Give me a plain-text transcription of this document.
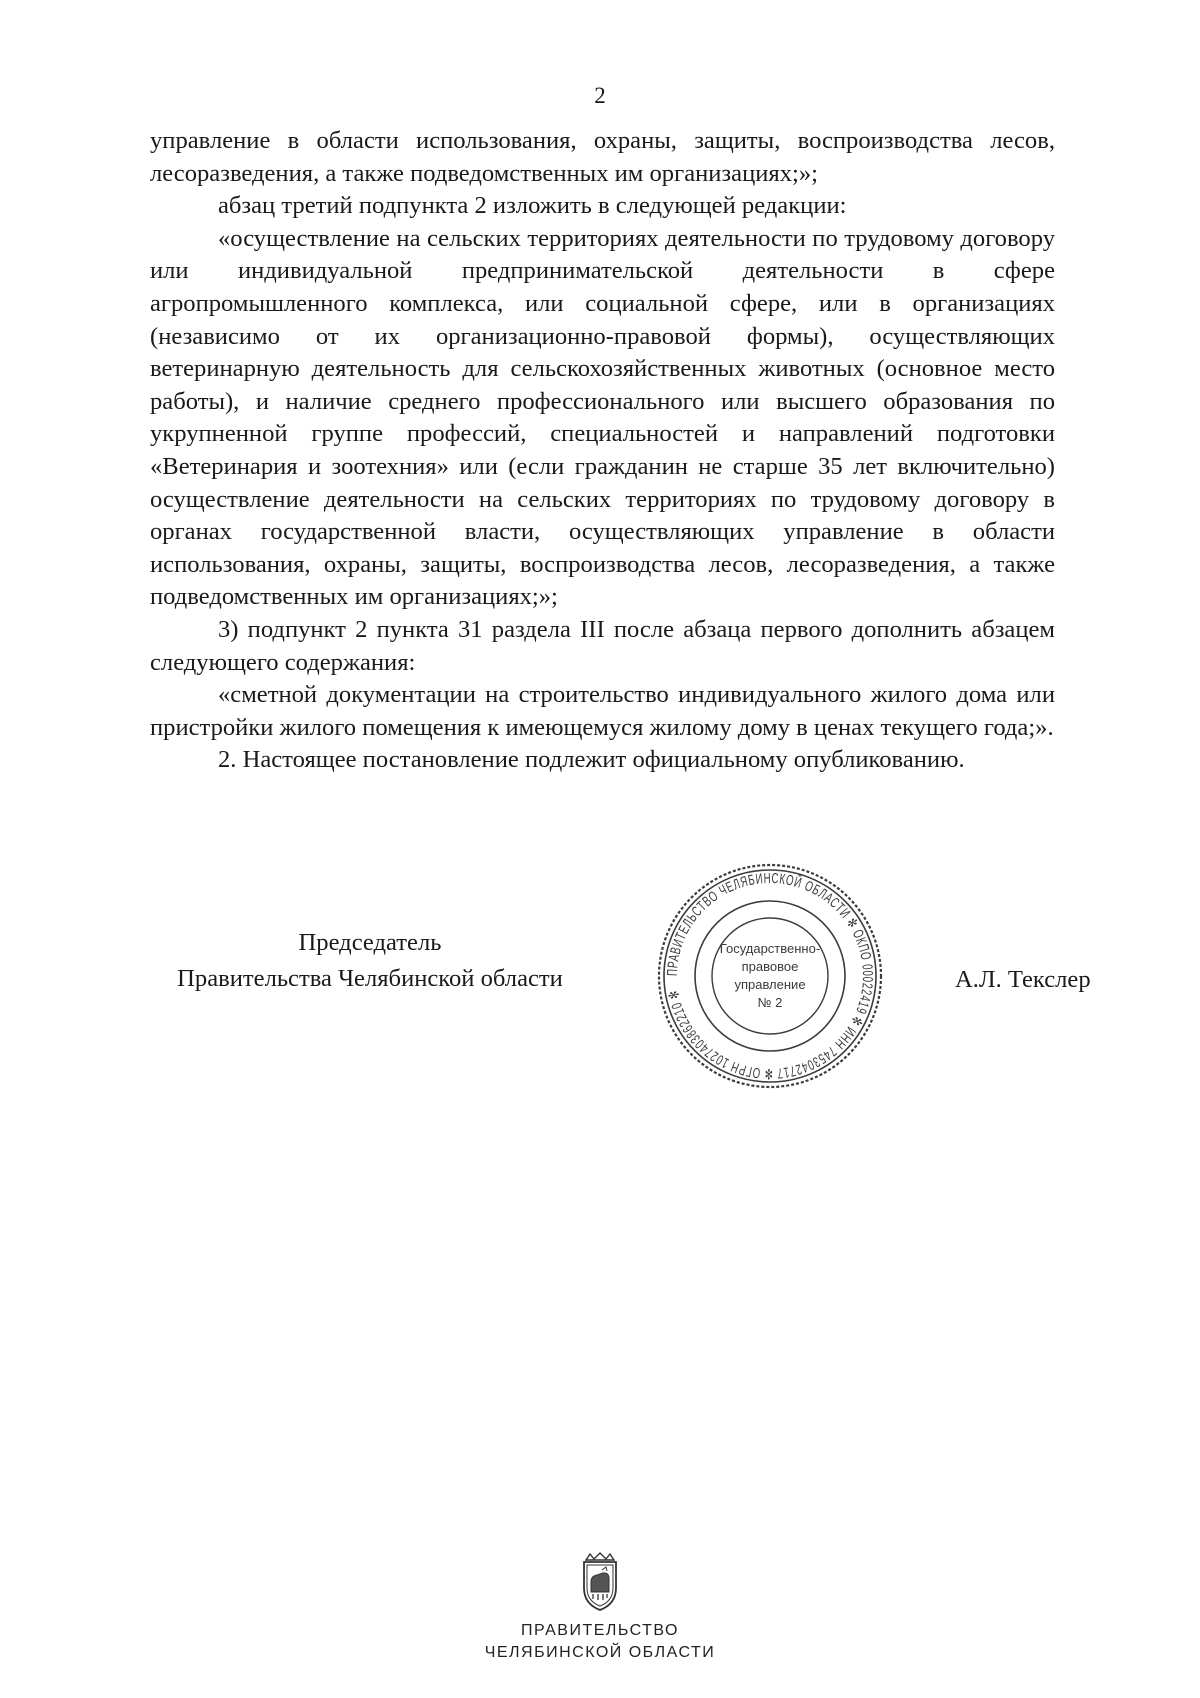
2

управление в области использования, охраны, защиты, воспроизводства лесов, лесоразведения, а также подведомственных им организациях;»;

абзац третий подпункта 2 изложить в следующей редакции:

«осуществление на сельских территориях деятельности по трудовому договору или индивидуальной предпринимательской деятельности в сфере агропромышленного комплекса, или социальной сфере, или в организациях (независимо от их организационно-правовой формы), осуществляющих ветеринарную деятельность для сельскохозяйственных животных (основное место работы), и наличие среднего профессионального или высшего образования по укрупненной группе профессий, специальностей и направлений подготовки «Ветеринария и зоотехния» или (если гражданин не старше 35 лет включительно) осуществление деятельности на сельских территориях по трудовому договору в органах государственной власти, осуществляющих управление в области использования, охраны, защиты, воспроизводства лесов, лесоразведения, а также подведомственных им организациях;»;

3) подпункт 2 пункта 31 раздела III после абзаца первого дополнить абзацем следующего содержания:

«сметной документации на строительство индивидуального жилого дома или пристройки жилого помещения к имеющемуся жилому дому в ценах текущего года;».

2. Настоящее постановление подлежит официальному опубликованию.

Председатель
Правительства Челябинской области	ПРАВИТЕЛЬСТВО ЧЕЛЯБИНСКОЙ ОБЛАСТИ ✻ ОКПО 00022419 ✻ ИНН 7453042717 ✻ ОГРН 1027403862210 ✻
Государственно-
правовое
управление
№ 2
А.Л. Текслер
ПРАВИТЕЛЬСТВО
ЧЕЛЯБИНСКОЙ ОБЛАСТИ
